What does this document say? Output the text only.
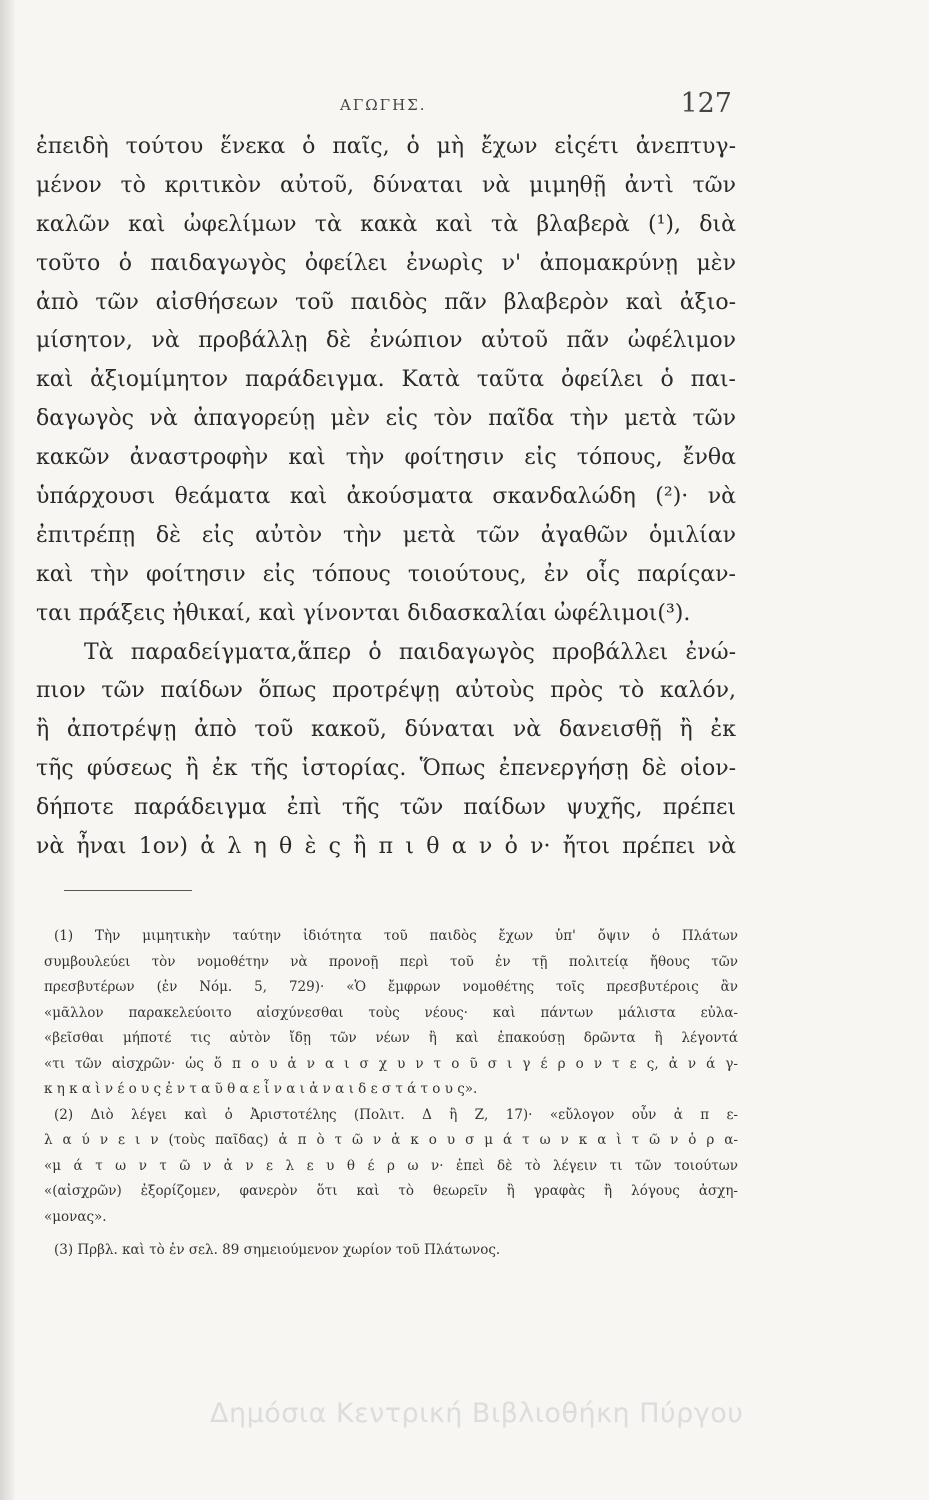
ΑΓΩΓΗΣ.	127
ἐπειδὴ τούτου ἕνεκα ὁ παῖς, ὁ μὴ ἔχων εἰςέτι ἀνεπτυγ-
μένον τὸ κριτικὸν αὐτοῦ, δύναται νὰ μιμηθῇ ἀντὶ τῶν
καλῶν καὶ ὠφελίμων τὰ κακὰ καὶ τὰ βλαβερὰ (¹), διὰ
τοῦτο ὁ παιδαγωγὸς ὀφείλει ἐνωρὶς ν' ἀπομακρύνῃ μὲν
ἀπὸ τῶν αἰσθήσεων τοῦ παιδὸς πᾶν βλαβερὸν καὶ ἀξιο-
μίσητον, νὰ προβάλλῃ δὲ ἐνώπιον αὐτοῦ πᾶν ὠφέλιμον
καὶ ἀξιομίμητον παράδειγμα. Κατὰ ταῦτα ὀφείλει ὁ παι-
δαγωγὸς νὰ ἀπαγορεύῃ μὲν εἰς τὸν παῖδα τὴν μετὰ τῶν
κακῶν ἀναστροφὴν καὶ τὴν φοίτησιν εἰς τόπους, ἔνθα
ὑπάρχουσι θεάματα καὶ ἀκούσματα σκανδαλώδη (²)· νὰ
ἐπιτρέπῃ δὲ εἰς αὐτὸν τὴν μετὰ τῶν ἀγαθῶν ὁμιλίαν
καὶ τὴν φοίτησιν εἰς τόπους τοιούτους, ἐν οἷς παρίςαν-
ται πράξεις ἠθικαί, καὶ γίνονται διδασκαλίαι ὠφέλιμοι(³).
Τὰ παραδείγματα,ἅπερ ὁ παιδαγωγὸς προβάλλει ἐνώ-
πιον τῶν παίδων ὅπως προτρέψῃ αὐτοὺς πρὸς τὸ καλόν,
ἢ ἀποτρέψῃ ἀπὸ τοῦ κακοῦ, δύναται νὰ δανεισθῇ ἢ ἐκ
τῆς φύσεως ἢ ἐκ τῆς ἱστορίας. Ὅπως ἐπενεργήσῃ δὲ οἱον-
δήποτε παράδειγμα ἐπὶ τῆς τῶν παίδων ψυχῆς, πρέπει
νὰ ἦναι 1ον) ἀ λ η θ ὲ ς ἢ π ι θ α ν ὀ ν· ἤτοι πρέπει νὰ
(1) Τὴν μιμητικὴν ταύτην ἰδιότητα τοῦ παιδὸς ἔχων ὑπ' ὄψιν ὁ Πλάτων
συμβουλεύει τὸν νομοθέτην νὰ προνοῇ περὶ τοῦ ἐν τῇ πολιτείᾳ ἤθους τῶν
πρεσβυτέρων (ἐν Νόμ. 5, 729)· «Ὁ ἔμφρων νομοθέτης τοῖς πρεσβυτέροις ἂν
«μᾶλλον παρακελεύοιτο αἰσχύνεσθαι τοὺς νέους· καὶ πάντων μάλιστα εὐλα-
«βεῖσθαι μήποτέ τις αὐτὸν ἴδῃ τῶν νέων ἢ καὶ ἐπακούσῃ δρῶντα ἢ λέγοντά
«τι τῶν αἰσχρῶν· ὡς ὅ π ο υ ἀ ν α ι σ χ υ ν τ ο ῦ σ ι γ έ ρ ο ν τ ε ς, ἀ ν ά γ-
κ η κ α ὶ ν έ ο υ ς ἐ ν τ α ῦ θ α ε ἶ ν α ι ἀ ν α ι δ ε σ τ ά τ ο υ ς».
(2) Διὸ λέγει καὶ ὁ Ἀριστοτέλης (Πολιτ. Δ ἢ Ζ, 17)· «εὔλογον οὖν ἀ π ε-
λ α ύ ν ε ι ν (τοὺς παῖδας) ἀ π ὸ τ ῶ ν ἀ κ ο υ σ μ ά τ ω ν κ α ὶ τ ῶ ν ὁ ρ α-
«μ ά τ ω ν τ ῶ ν ἀ ν ε λ ε υ θ έ ρ ω ν· ἐπεὶ δὲ τὸ λέγειν τι τῶν τοιούτων
«(αἰσχρῶν) ἐξορίζομεν, φανερὸν ὅτι καὶ τὸ θεωρεῖν ἢ γραφὰς ἢ λόγους ἀσχη-
«μονας».
(3) Πρβλ. καὶ τὸ ἐν σελ. 89 σημειούμενον χωρίον τοῦ Πλάτωνος.
Δημόσια Κεντρική Βιβλιοθήκη Πύργου
